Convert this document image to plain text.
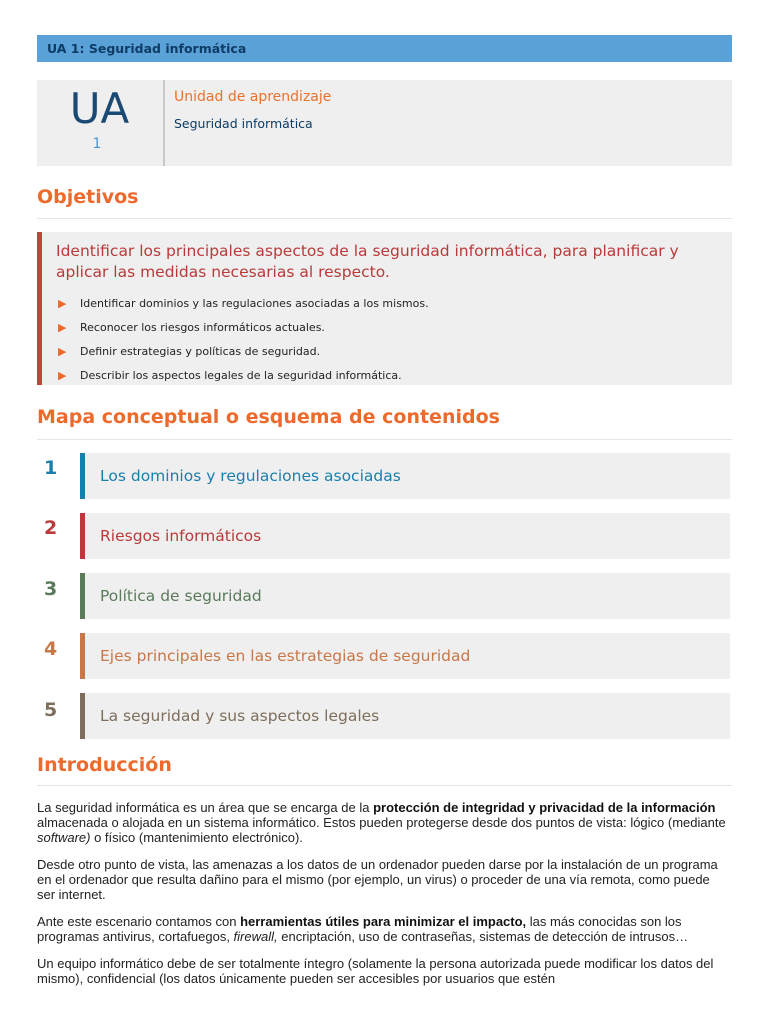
UA 1:
Seguridad informática
UA
1
Unidad de aprendizaje
Seguridad informática
Objetivos
Identificar los principales aspectos de la seguridad informática, para planificar y aplicar las medidas necesarias al respecto.
▶	Identificar dominios y las regulaciones asociadas a los mismos.
▶	Reconocer los riesgos informáticos actuales.
▶	Definir estrategias y políticas de seguridad.
▶	Describir los aspectos legales de la seguridad informática.
Mapa conceptual o esquema de contenidos
1	Los dominios y regulaciones asociadas
2	Riesgos informáticos
3	Política de seguridad
4	Ejes principales en las estrategias de seguridad
5	La seguridad y sus aspectos legales
Introducción
La seguridad informática es un área que se encarga de la protección de integridad y privacidad de la información almacenada o alojada en un sistema informático. Estos pueden protegerse desde dos puntos de vista: lógico (mediante software) o físico (mantenimiento electrónico).
Desde otro punto de vista, las amenazas a los datos de un ordenador pueden darse por la instalación de un programa en el ordenador que resulta dañino para el mismo (por ejemplo, un virus) o proceder de una vía remota, como puede ser internet.
Ante este escenario contamos con herramientas útiles para minimizar el impacto, las más conocidas son los programas antivirus, cortafuegos, firewall, encriptación, uso de contraseñas, sistemas de detección de intrusos…
Un equipo informático debe de ser totalmente íntegro (solamente la persona autorizada puede modificar los datos del mismo), confidencial (los datos únicamente pueden ser accesibles por usuarios que estén
